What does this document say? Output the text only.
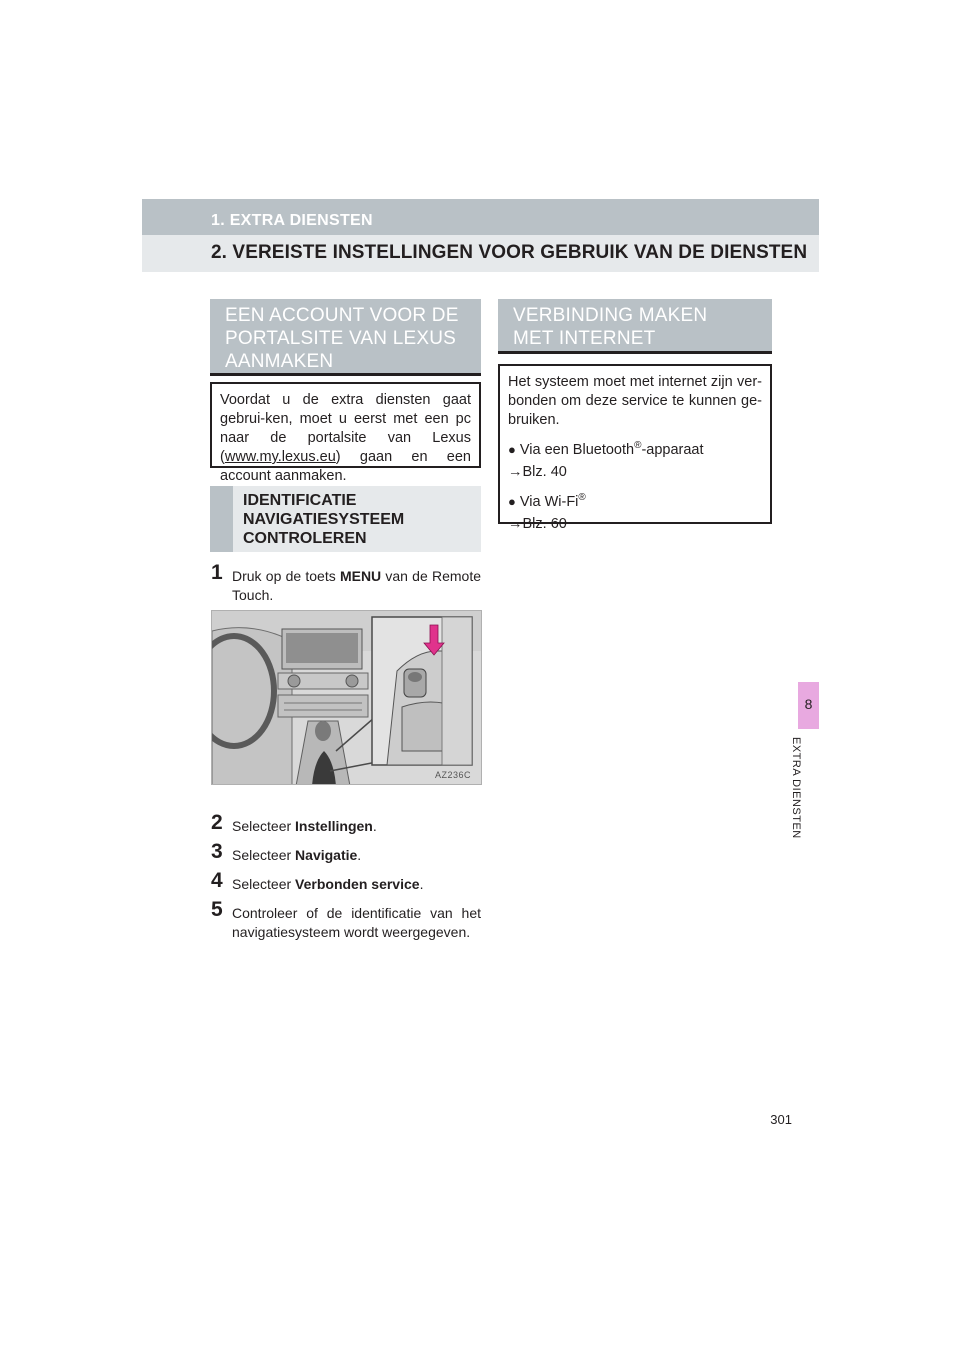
1. EXTRA DIENSTEN
2. VEREISTE INSTELLINGEN VOOR GEBRUIK VAN DE DIENSTEN
8
EXTRA DIENSTEN
EEN ACCOUNT VOOR DE
PORTALSITE VAN LEXUS
AANMAKEN
Voordat u de extra diensten gaat gebrui-ken, moet u eerst met een pc naar de portalsite van Lexus (www.my.lexus.eu) gaan en een account aanmaken.
IDENTIFICATIE
NAVIGATIESYSTEEM
CONTROLEREN
1 Druk op de toets MENU van de Remote Touch.
AZ236C
2 Selecteer Instellingen.
3 Selecteer Navigatie.
4 Selecteer Verbonden service.
5 Controleer of de identificatie van het navigatiesysteem wordt weergegeven.
VERBINDING MAKEN
MET INTERNET
Het systeem moet met internet zijn ver-bonden om deze service te kunnen ge-bruiken.
● Via een Bluetooth®-apparaat
→Blz. 40
● Via Wi-Fi®
→Blz. 60
301
